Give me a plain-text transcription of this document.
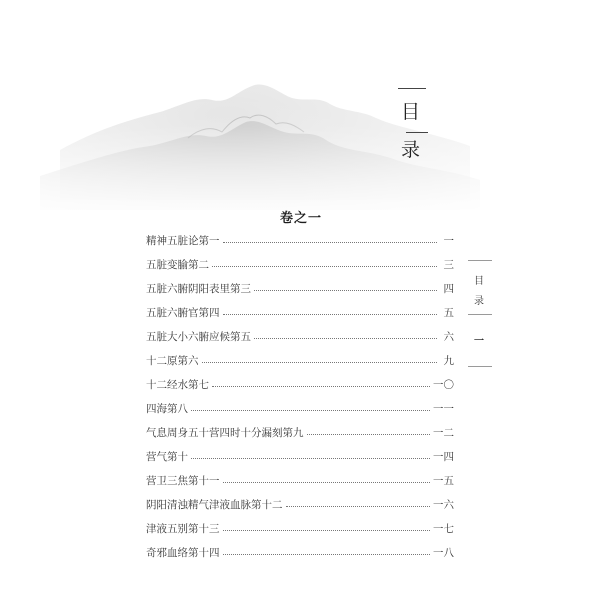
目
录
卷之一
精神五脏论第一	一
五脏变腧第二	三
五脏六腑阴阳表里第三	四
五脏六腑官第四	五
五脏大小六腑应候第五	六
十二原第六	九
十二经水第七	一〇
四海第八	一一
气息周身五十营四时十分漏刻第九	一二
营气第十	一四
营卫三焦第十一	一五
阴阳清浊精气津液血脉第十二	一六
津液五别第十三	一七
奇邪血络第十四	一八
目
录
一
